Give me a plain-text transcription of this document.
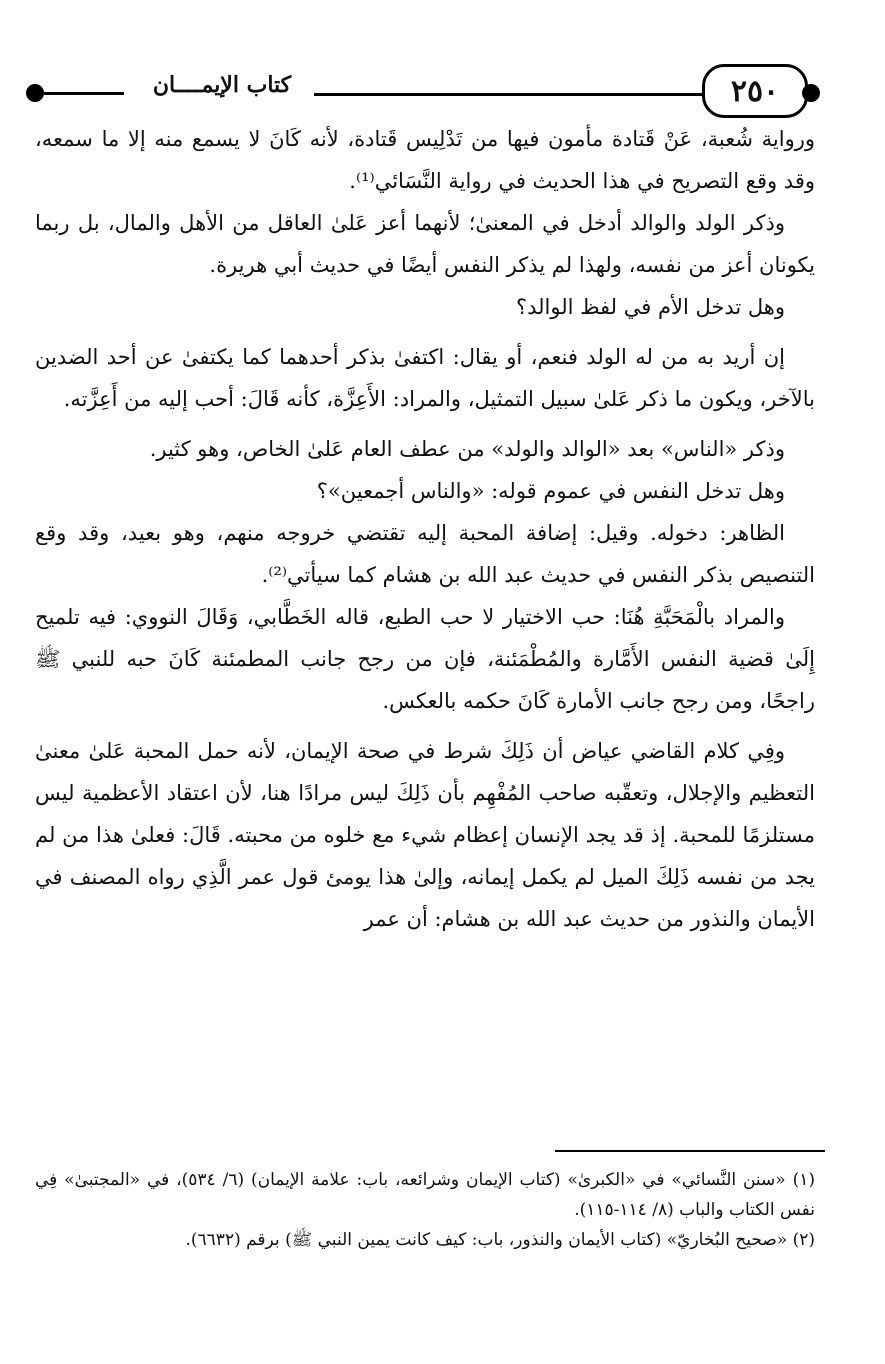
كتاب الإيمــــان	٢٥٠

ورواية شُعبة، عَنْ قَتادة مأمون فيها من تَدْلِيس قَتادة، لأنه كَانَ لا يسمع منه إلا ما سمعه، وقد وقع التصريح في هذا الحديث في رواية النَّسَائي⁽¹⁾.

وذكر الولد والوالد أدخل في المعنىٰ؛ لأنهما أعز عَلىٰ العاقل من الأهل والمال، بل ربما يكونان أعز من نفسه، ولهذا لم يذكر النفس أيضًا في حديث أبي هريرة.

وهل تدخل الأم في لفظ الوالد؟

إن أريد به من له الولد فنعم، أو يقال: اكتفىٰ بذكر أحدهما كما يكتفىٰ عن أحد الضدين بالآخر، ويكون ما ذكر عَلىٰ سبيل التمثيل، والمراد: الأَعِزَّة، كأنه قَالَ: أحب إليه من أَعِزَّته.

وذكر «الناس» بعد «الوالد والولد» من عطف العام عَلىٰ الخاص، وهو كثير.

وهل تدخل النفس في عموم قوله: «والناس أجمعين»؟

الظاهر: دخوله. وقيل: إضافة المحبة إليه تقتضي خروجه منهم، وهو بعيد، وقد وقع التنصيص بذكر النفس في حديث عبد الله بن هشام كما سيأتي⁽²⁾.

والمراد بالْمَحَبَّةِ هُنَا: حب الاختيار لا حب الطبع، قاله الخَطَّابي، وَقَالَ النووي: فيه تلميح إِلَىٰ قضية النفس الأَمَّارة والمُطْمَئنة، فإن من رجح جانب المطمئنة كَانَ حبه للنبي ﷺ راجحًا، ومن رجح جانب الأمارة كَانَ حكمه بالعكس.

وفِي كلام القاضي عياض أن ذَلِكَ شرط في صحة الإيمان، لأنه حمل المحبة عَلىٰ معنىٰ التعظيم والإجلال، وتعقّبه صاحب المُفْهِم بأن ذَلِكَ ليس مرادًا هنا، لأن اعتقاد الأعظمية ليس مستلزمًا للمحبة. إذ قد يجد الإنسان إعظام شيء مع خلوه من محبته. قَالَ: فعلىٰ هذا من لم يجد من نفسه ذَلِكَ الميل لم يكمل إيمانه، وإلىٰ هذا يومئ قول عمر الَّذِي رواه المصنف في الأيمان والنذور من حديث عبد الله بن هشام: أن عمر

(١) «سنن النَّسائي» في «الكبرىٰ» (كتاب الإيمان وشرائعه، باب: علامة الإيمان) (٦/ ٥٣٤)، في «المجتبىٰ» فِي نفس الكتاب والباب (٨/ ١١٤-١١٥).

(٢) «صحيح البُخاريّ» (كتاب الأيمان والنذور، باب: كيف كانت يمين النبي ﷺ) برقم (٦٦٣٢).
